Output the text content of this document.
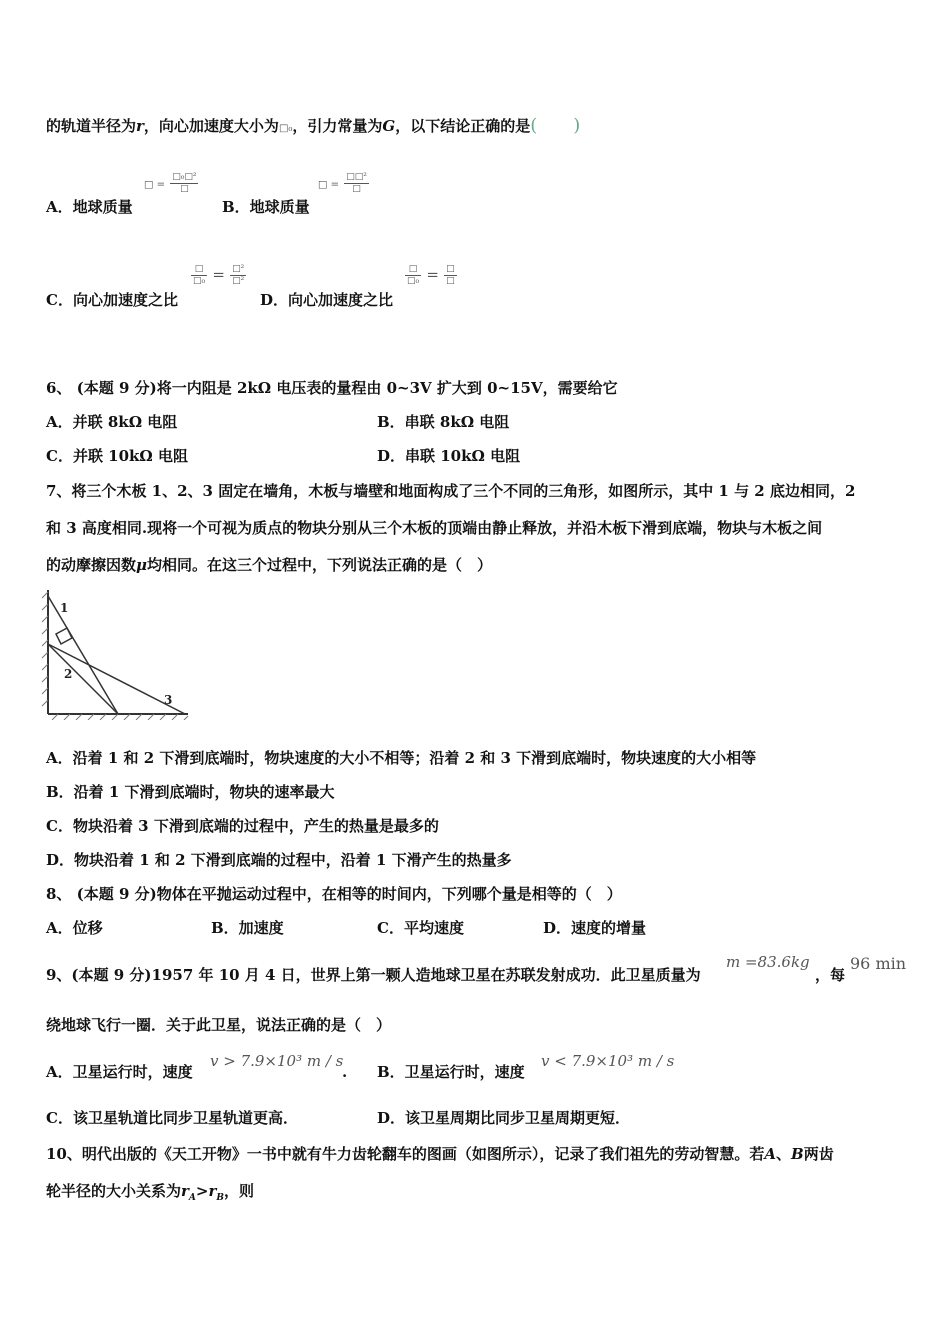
的轨道半径为r，向心加速度大小为□₀，引力常量为G，以下结论正确的是(　　)
A．地球质量
□ = $\frac{\text{□₀□²}}{□}$
B．地球质量
□ = $\frac{\text{□□²}}{□}$
C．向心加速度之比
$\frac{□}{\text{□₀}} = \frac{\text{□²}}{\text{□²}}$
D．向心加速度之比
$\frac{□}{\text{□₀}} = \frac{□}{□}$
6、 (本题 9 分)将一内阻是 2kΩ 电压表的量程由 0~3V 扩大到 0~15V，需要给它
A．并联 8kΩ 电阻	B．串联 8kΩ 电阻
C．并联 10kΩ 电阻	D．串联 10kΩ 电阻
7、将三个木板 1、2、3 固定在墙角，木板与墙壁和地面构成了三个不同的三角形，如图所示，其中 1 与 2 底边相同，2
和 3 高度相同.现将一个可视为质点的物块分别从三个木板的顶端由静止释放，并沿木板下滑到底端，物块与木板之间
的动摩擦因数μ均相同。在这三个过程中，下列说法正确的是（　）
1
2
3
A．沿着 1 和 2 下滑到底端时，物块速度的大小不相等；沿着 2 和 3 下滑到底端时，物块速度的大小相等
B．沿着 1 下滑到底端时，物块的速率最大
C．物块沿着 3 下滑到底端的过程中，产生的热量是最多的
D．物块沿着 1 和 2 下滑到底端的过程中，沿着 1 下滑产生的热量多
8、 (本题 9 分)物体在平抛运动过程中，在相等的时间内，下列哪个量是相等的（　）
A．位移	B．加速度	C．平均速度	D．速度的增量
9、(本题 9 分)1957 年 10 月 4 日，世界上第一颗人造地球卫星在苏联发射成功．此卫星质量为
m =83.6kg
，每
96 min
绕地球飞行一圈．关于此卫星，说法正确的是（　）
A．卫星运行时，速度
v > 7.9×10³ m / s
. B．卫星运行时，速度
v < 7.9×10³ m / s
C．该卫星轨道比同步卫星轨道更高．	D．该卫星周期比同步卫星周期更短．
10、明代出版的《天工开物》一书中就有牛力齿轮翻车的图画（如图所示），记录了我们祖先的劳动智慧。若A、B两齿
轮半径的大小关系为$r_A>r_B$，则
